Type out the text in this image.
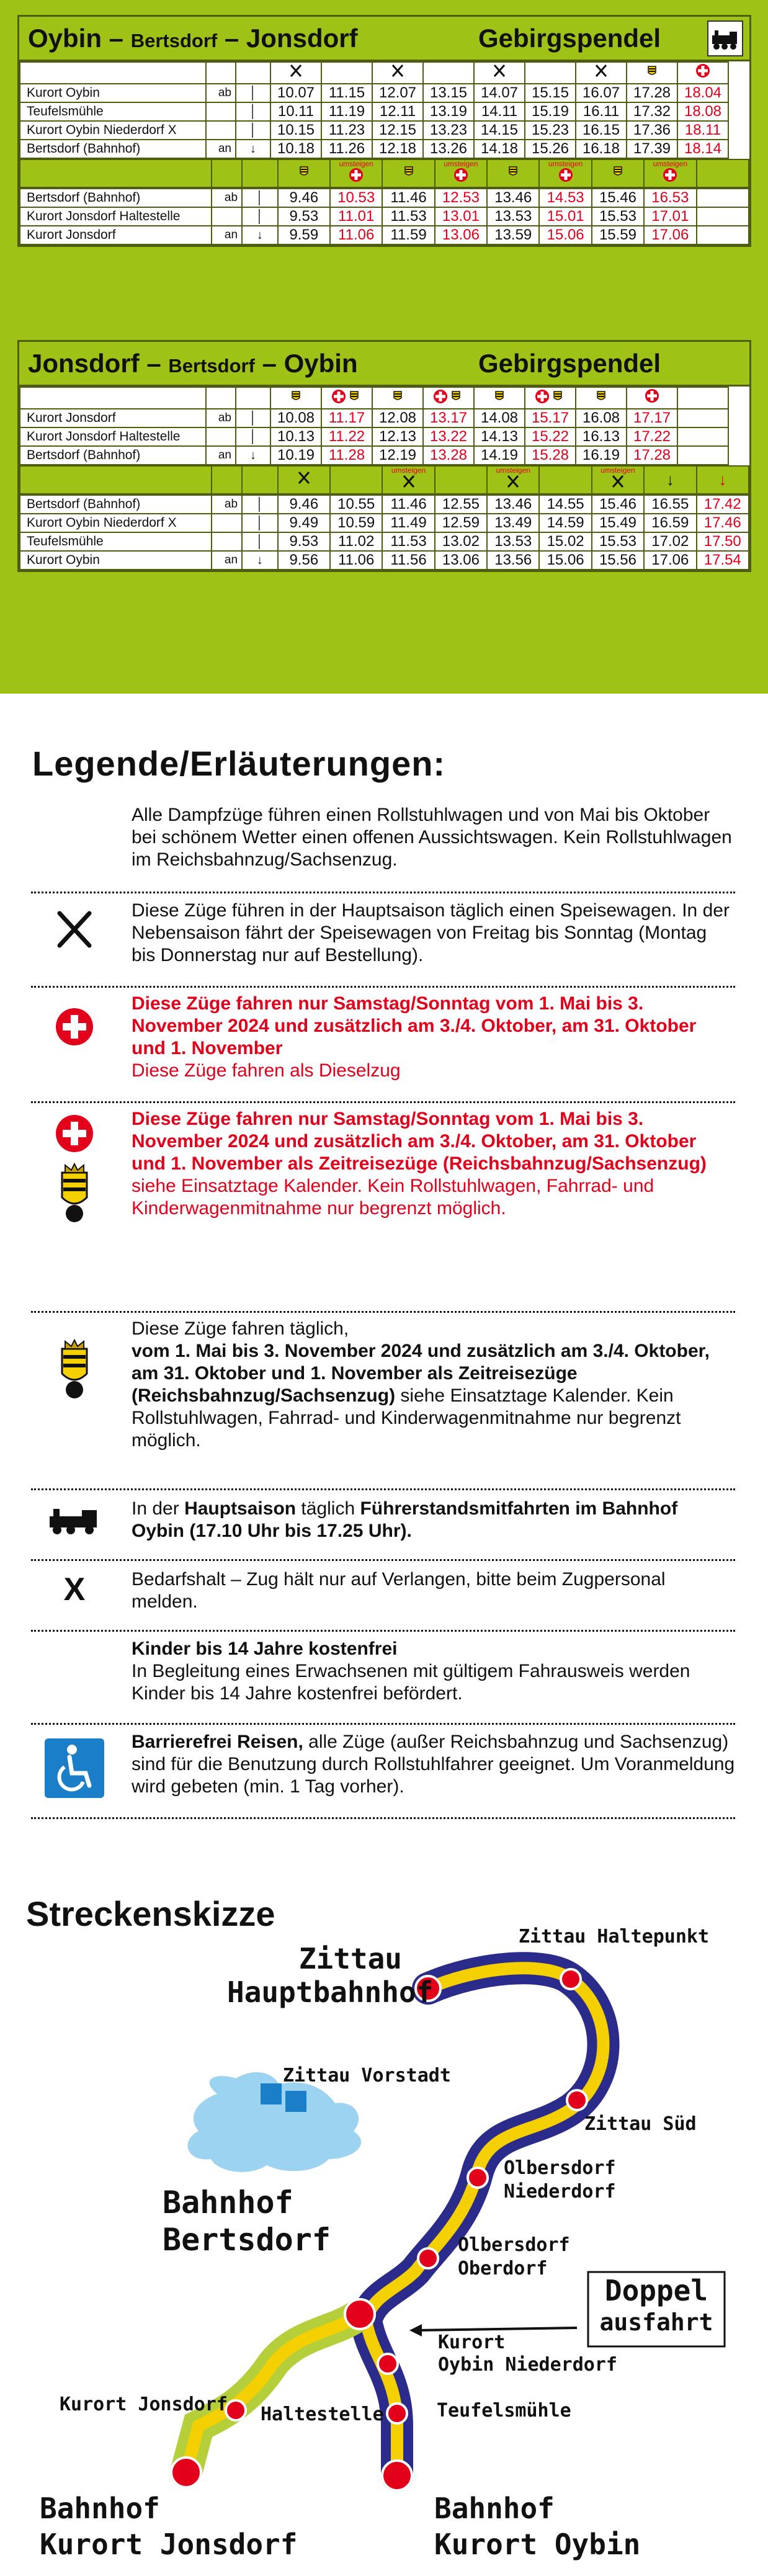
Oybin – Bertsdorf – Jonsdorf	Gebirgspendel

Kurort Oybin	ab	│	10.07	11.15	12.07	13.15	14.07	15.15	16.07	17.28	18.04
Teufelsmühle		│	10.11	11.19	12.11	13.19	14.11	15.19	16.11	17.32	18.08
Kurort Oybin Niederdorf X		│	10.15	11.23	12.15	13.23	14.15	15.23	16.15	17.36	18.11
Bertsdorf (Bahnhof)	an	↓	10.18	11.26	12.18	13.26	14.18	15.26	16.18	17.39	18.14

umsteigen		umsteigen		umsteigen		umsteigen

Bertsdorf (Bahnhof)	ab	│	9.46	10.53	11.46	12.53	13.46	14.53	15.46	16.53	
Kurort Jonsdorf Haltestelle		│	9.53	11.01	11.53	13.01	13.53	15.01	15.53	17.01	
Kurort Jonsdorf	an	↓	9.59	11.06	11.59	13.06	13.59	15.06	15.59	17.06	
Jonsdorf – Bertsdorf – Oybin	Gebirgspendel

Kurort Jonsdorf	ab	│	10.08	11.17	12.08	13.17	14.08	15.17	16.08	17.17	
Kurort Jonsdorf Haltestelle		│	10.13	11.22	12.13	13.22	14.13	15.22	16.13	17.22	
Bertsdorf (Bahnhof)	an	↓	10.19	11.28	12.19	13.28	14.19	15.28	16.19	17.28	

umsteigen		umsteigen		umsteigen	↓	↓
Bertsdorf (Bahnhof)	ab	│	9.46	10.55	11.46	12.55	13.46	14.55	15.46	16.55	17.42
Kurort Oybin Niederdorf X		│	9.49	10.59	11.49	12.59	13.49	14.59	15.49	16.59	17.46
Teufelsmühle		│	9.53	11.02	11.53	13.02	13.53	15.02	15.53	17.02	17.50
Kurort Oybin	an	↓	9.56	11.06	11.56	13.06	13.56	15.06	15.56	17.06	17.54
Legende/Erläuterungen:
Alle Dampfzüge führen einen Rollstuhlwagen und von Mai bis Oktober bei schönem Wetter einen offenen Aussichtswagen. Kein Rollstuhlwagen im Reichsbahnzug/Sachsenzug.
Diese Züge führen in der Hauptsaison täglich einen Speisewagen. In der Nebensaison fährt der Speisewagen von Freitag bis Sonntag (Montag bis Donnerstag nur auf Bestellung).
Diese Züge fahren nur Samstag/Sonntag vom 1. Mai bis 3. November 2024 und zusätzlich am 3./4. Oktober, am 31. Oktober und 1. November
Diese Züge fahren als Dieselzug
Diese Züge fahren nur Samstag/Sonntag vom 1. Mai bis 3. November 2024 und zusätzlich am 3./4. Oktober, am 31. Oktober und 1. November als Zeitreisezüge (Reichsbahnzug/Sachsenzug) siehe Einsatztage Kalender. Kein Rollstuhlwagen, Fahrrad- und Kinderwagenmitnahme nur begrenzt möglich.
Diese Züge fahren täglich,
vom 1. Mai bis 3. November 2024 und zusätzlich am 3./4. Oktober, am 31. Oktober und 1. November als Zeitreisezüge (Reichsbahnzug/Sachsenzug) siehe Einsatztage Kalender. Kein Rollstuhlwagen, Fahrrad- und Kinderwagenmitnahme nur begrenzt möglich.
In der Hauptsaison täglich Führerstandsmitfahrten im Bahnhof Oybin (17.10 Uhr bis 17.25 Uhr).
X	Bedarfshalt – Zug hält nur auf Verlangen, bitte beim Zugpersonal melden.
Kinder bis 14 Jahre kostenfrei
In Begleitung eines Erwachsenen mit gültigem Fahrausweis werden Kinder bis 14 Jahre kostenfrei befördert.
Barrierefrei Reisen, alle Züge (außer Reichsbahnzug und Sachsenzug) sind für die Benutzung durch Rollstuhlfahrer geeignet. Um Voranmeldung wird gebeten (min. 1 Tag vorher).
Streckenskizze
Zittau
Hauptbahnhof
Zittau Haltepunkt
Zittau Vorstadt
Zittau Süd
Olbersdorf
Niederdorf
Bahnhof
Bertsdorf	Olbersdorf
Oberdorf
Doppel
ausfahrt
Kurort
Oybin Niederdorf
Kurort Jonsdorf Haltestelle	Teufelsmühle
Bahnhof
Kurort Jonsdorf
Bahnhof
Kurort Oybin
